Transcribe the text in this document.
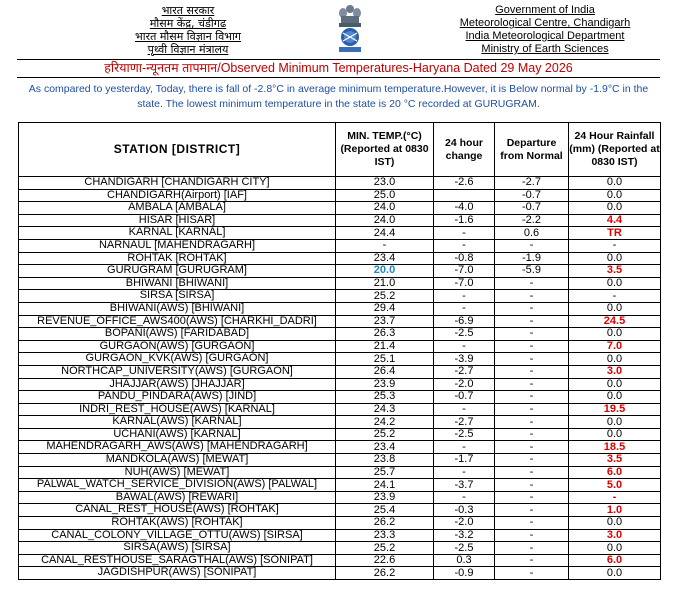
भारत सरकार
मौसम केंद्र, चंडीगढ
भारत मौसम विज्ञान विभाग
पृथ्वी विज्ञान मंत्रालय
Government of India
Meteorological Centre, Chandigarh
India Meteorological Department
Ministry of Earth Sciences
हरियाणा-न्यूनतम तापमान/Observed Minimum Temperatures-Haryana Dated 29 May 2026
As compared to yesterday, Today, there is fall of -2.8°C in average minimum temperature.However, it is Below normal by -1.9°C in the state. The lowest minimum temperature in the state is 20 °C recorded at GURUGRAM.
STATION [DISTRICT]	MIN. TEMP.(°C) (Reported at 0830 IST)	24 hour change	Departure from Normal	24 Hour Rainfall (mm) (Reported at 0830 IST)

CHANDIGARH [CHANDIGARH CITY]	23.0	-2.6	-2.7	0.0

CHANDIGARH(Airport) [IAF]	25.0		-0.7	0.0

AMBALA [AMBALA]	24.0	-4.0	-0.7	0.0

HISAR [HISAR]	24.0	-1.6	-2.2	4.4

KARNAL [KARNAL]	24.4	-	0.6	TR

NARNAUL [MAHENDRAGARH]	-	-	-	-

ROHTAK [ROHTAK]	23.4	-0.8	-1.9	0.0

GURUGRAM [GURUGRAM]	20.0	-7.0	-5.9	3.5

BHIWANI [BHIWANI]	21.0	-7.0	-	0.0

SIRSA [SIRSA]	25.2	-	-	-

BHIWANI(AWS) [BHIWANI]	29.4	-	-	0.0

REVENUE_OFFICE_AWS400(AWS) [CHARKHI_DADRI]	23.7	-6.9	-	24.5

BOPANI(AWS) [FARIDABAD]	26.3	-2.5	-	0.0

GURGAON(AWS) [GURGAON]	21.4	-	-	7.0

GURGAON_KVK(AWS) [GURGAON]	25.1	-3.9	-	0.0

NORTHCAP_UNIVERSITY(AWS) [GURGAON]	26.4	-2.7	-	3.0

JHAJJAR(AWS) [JHAJJAR]	23.9	-2.0	-	0.0

PANDU_PINDARA(AWS) [JIND]	25.3	-0.7	-	0.0

INDRI_REST_HOUSE(AWS) [KARNAL]	24.3	-	-	19.5

KARNAL(AWS) [KARNAL]	24.2	-2.7	-	0.0

UCHANI(AWS) [KARNAL]	25.2	-2.5	-	0.0

MAHENDRAGARH_AWS(AWS) [MAHENDRAGARH]	23.4	-	-	18.5

MANDKOLA(AWS) [MEWAT]	23.8	-1.7	-	3.5

NUH(AWS) [MEWAT]	25.7	-	-	6.0

PALWAL_WATCH_SERVICE_DIVISION(AWS) [PALWAL]	24.1	-3.7	-	5.0

BAWAL(AWS) [REWARI]	23.9	-	-	-

CANAL_REST_HOUSE(AWS) [ROHTAK]	25.4	-0.3	-	1.0

ROHTAK(AWS) [ROHTAK]	26.2	-2.0	-	0.0

CANAL_COLONY_VILLAGE_OTTU(AWS) [SIRSA]	23.3	-3.2	-	3.0

SIRSA(AWS) [SIRSA]	25.2	-2.5	-	0.0

CANAL_RESTHOUSE_SARAGTHAL(AWS) [SONIPAT]	22.6	0.3	-	6.0

JAGDISHPUR(AWS) [SONIPAT]	26.2	-0.9	-	0.0
